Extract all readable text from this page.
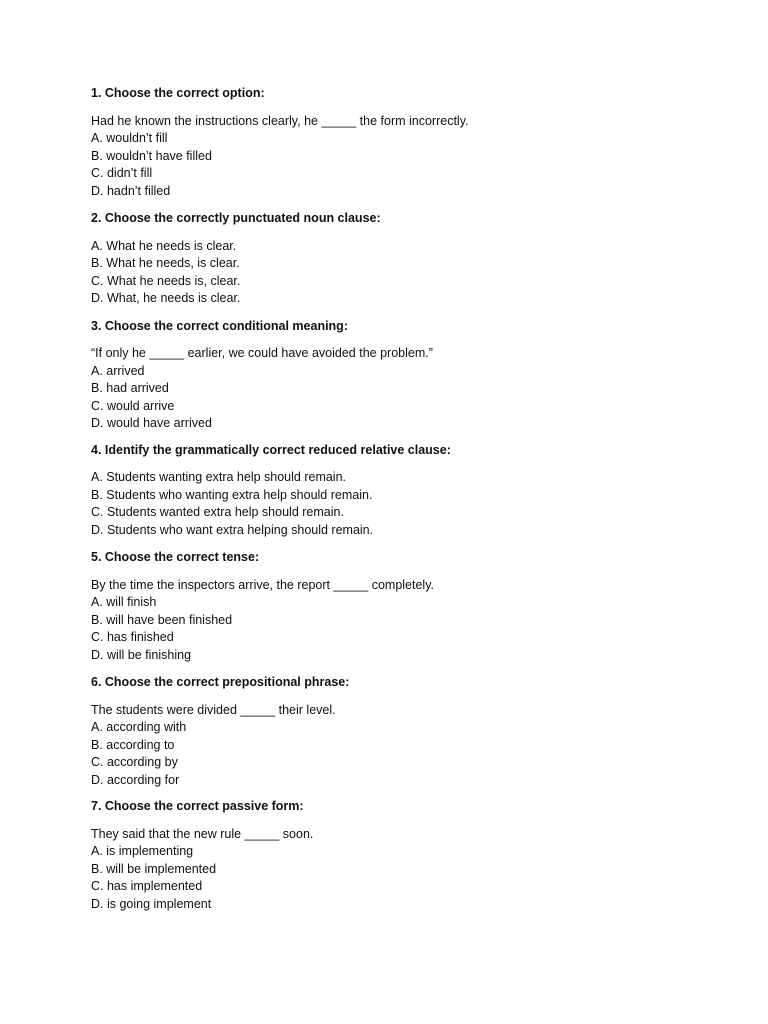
1. Choose the correct option:

Had he known the instructions clearly, he _____ the form incorrectly.

A. wouldn’t fill
B. wouldn’t have filled
C. didn’t fill
D. hadn’t filled

2. Choose the correctly punctuated noun clause:

A. What he needs is clear.
B. What he needs, is clear.
C. What he needs is, clear.
D. What, he needs is clear.

3. Choose the correct conditional meaning:

“If only he _____ earlier, we could have avoided the problem.”

A. arrived
B. had arrived
C. would arrive
D. would have arrived

4. Identify the grammatically correct reduced relative clause:

A. Students wanting extra help should remain.
B. Students who wanting extra help should remain.
C. Students wanted extra help should remain.
D. Students who want extra helping should remain.

5. Choose the correct tense:

By the time the inspectors arrive, the report _____ completely.

A. will finish
B. will have been finished
C. has finished
D. will be finishing

6. Choose the correct prepositional phrase:

The students were divided _____ their level.

A. according with
B. according to
C. according by
D. according for

7. Choose the correct passive form:

They said that the new rule _____ soon.

A. is implementing
B. will be implemented
C. has implemented
D. is going implement
